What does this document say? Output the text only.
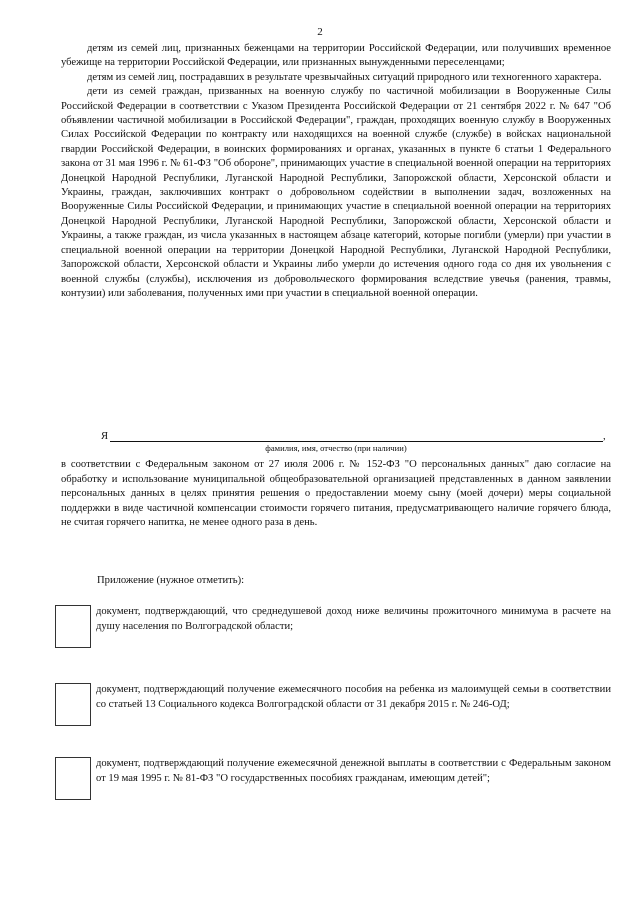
2

детям из семей лиц, признанных беженцами на территории Российской Федерации, или получивших временное убежище на территории Российской Федерации, или признанных вынужденными переселенцами;

детям из семей лиц, пострадавших в результате чрезвычайных ситуаций природного или техногенного характера.

дети из семей граждан, призванных на военную службу по частичной мобилизации в Вооруженные Силы Российской Федерации в соответствии с Указом Президента Российской Федерации от 21 сентября 2022 г. № 647 "Об объявлении частичной мобилизации в Российской Федерации", граждан, проходящих военную службу в Вооруженных Силах Российской Федерации по контракту или находящихся на военной службе (службе) в войсках национальной гвардии Российской Федерации, в воинских формированиях и органах, указанных в пункте 6 статьи 1 Федерального закона от 31 мая 1996 г. № 61-ФЗ "Об обороне", принимающих участие в специальной военной операции на территориях Донецкой Народной Республики, Луганской Народной Республики, Запорожской области, Херсонской области и Украины, граждан, заключивших контракт о добровольном содействии в выполнении задач, возложенных на Вооруженные Силы Российской Федерации, и принимающих участие в специальной военной операции на территориях Донецкой Народной Республики, Луганской Народной Республики, Запорожской области, Херсонской области и Украины, а также граждан, из числа указанных в настоящем абзаце категорий, которые погибли (умерли) при участии в специальной военной операции на территории Донецкой Народной Республики, Луганской Народной Республики, Запорожской области, Херсонской области и Украины либо умерли до истечения одного года со дня их увольнения с военной службы (службы), исключения из добровольческого формирования вследствие увечья (ранения, травмы, контузии) или заболевания, полученных ими при участии в специальной военной операции.

Я	,
фамилия, имя, отчество (при наличии)
в соответствии с Федеральным законом от 27 июля 2006 г. № 152-ФЗ "О персональных данных" даю согласие на обработку и использование муниципальной общеобразовательной организацией представленных в данном заявлении персональных данных в целях принятия решения о предоставлении моему сыну (моей дочери) меры социальной поддержки в виде частичной компенсации стоимости горячего питания, предусматривающего наличие горячего блюда, не считая горячего напитка, не менее одного раза в день.
Приложение (нужное отметить):
документ, подтверждающий, что среднедушевой доход ниже величины прожиточного минимума в расчете на душу населения по Волгоградской области;
документ, подтверждающий получение ежемесячного пособия на ребенка из малоимущей семьи в соответствии со статьей 13 Социального кодекса Волгоградской области от 31 декабря 2015 г. № 246-ОД;
документ, подтверждающий получение ежемесячной денежной выплаты в соответствии с Федеральным законом от 19 мая 1995 г. № 81-ФЗ "О государственных пособиях гражданам, имеющим детей";
